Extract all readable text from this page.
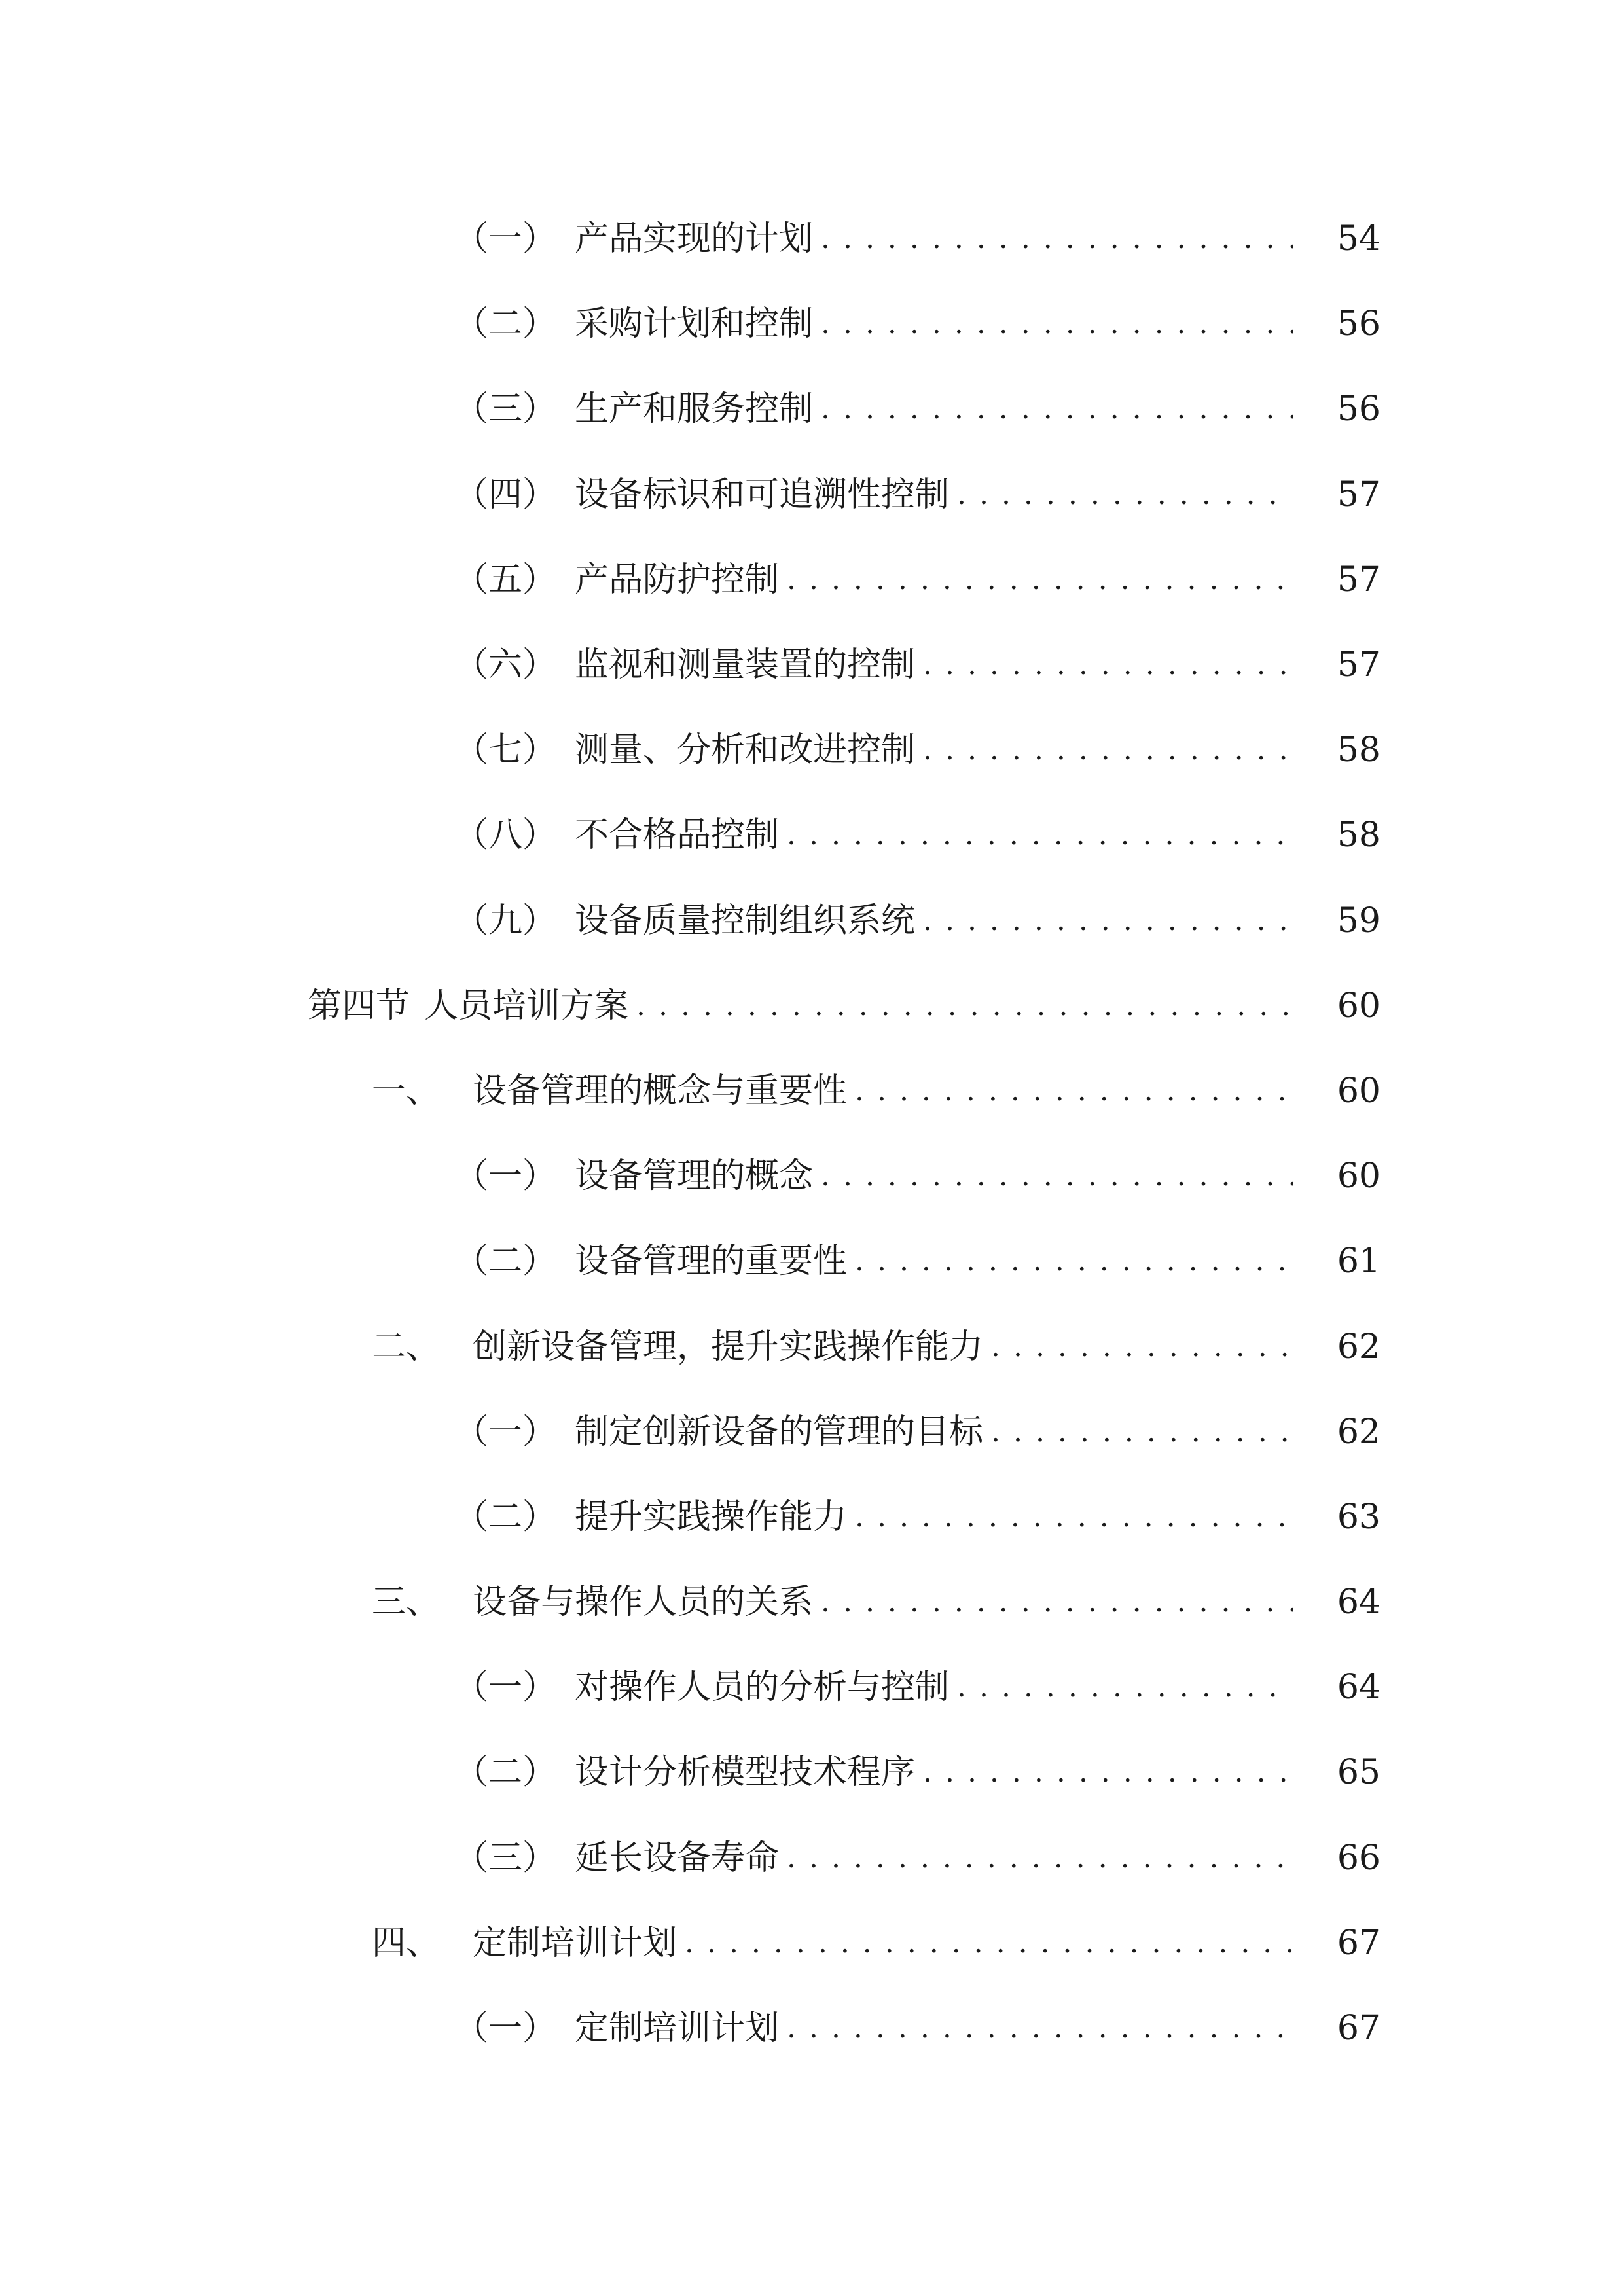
（一） 产品实现的计划 . . .	54
（二） 采购计划和控制 . . .	56
（三） 生产和服务控制 . . .	56
（四） 设备标识和可追溯性控制 . . .	57
（五） 产品防护控制 . . .	57
（六） 监视和测量装置的控制 . . .	57
（七） 测量、分析和改进控制 . . .	58
（八） 不合格品控制 . . .	58
（九） 设备质量控制组织系统 . . .	59
第四节 人员培训方案 . . .	60
一、 设备管理的概念与重要性 . . .	60
（一） 设备管理的概念 . . .	60
（二） 设备管理的重要性 . . .	61
二、 创新设备管理，提升实践操作能力 . . .	62
（一） 制定创新设备的管理的目标 . . .	62
（二） 提升实践操作能力 . . .	63
三、 设备与操作人员的关系 . . .	64
（一） 对操作人员的分析与控制 . . .	64
（二） 设计分析模型技术程序 . . .	65
（三） 延长设备寿命 . . .	66
四、 定制培训计划 . . .	67
（一） 定制培训计划 . . .	67
